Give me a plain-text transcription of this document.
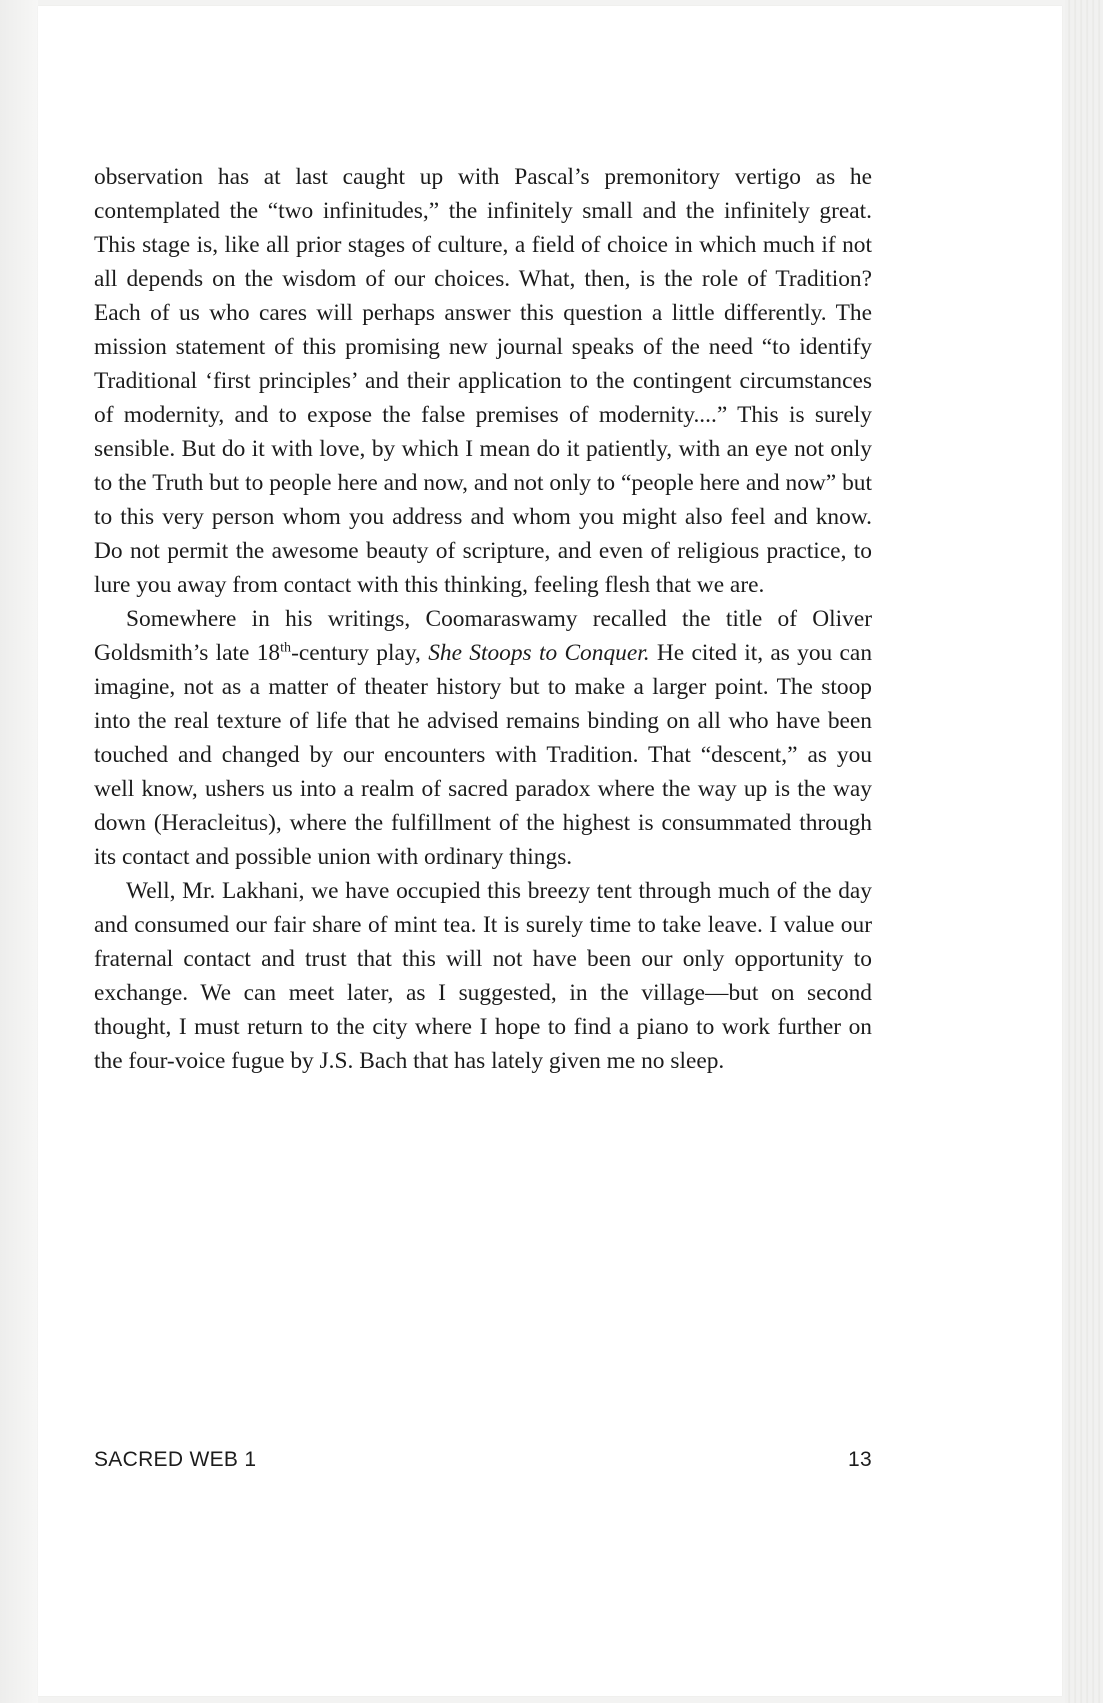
observation has at last caught up with Pascal’s premonitory vertigo as he contemplated the “two infinitudes,” the infinitely small and the infinitely great. This stage is, like all prior stages of culture, a field of choice in which much if not all depends on the wisdom of our choices. What, then, is the role of Tradition? Each of us who cares will perhaps answer this question a little differently. The mission statement of this promising new journal speaks of the need “to identify Traditional ‘first principles’ and their application to the contingent circumstances of modernity, and to expose the false premises of modernity....” This is surely sensible. But do it with love, by which I mean do it patiently, with an eye not only to the Truth but to people here and now, and not only to “people here and now” but to this very person whom you address and whom you might also feel and know. Do not permit the awesome beauty of scripture, and even of religious practice, to lure you away from contact with this thinking, feeling flesh that we are.

Somewhere in his writings, Coomaraswamy recalled the title of Oliver Goldsmith’s late 18th-century play, She Stoops to Conquer. He cited it, as you can imagine, not as a matter of theater history but to make a larger point. The stoop into the real texture of life that he advised remains binding on all who have been touched and changed by our encounters with Tradition. That “descent,” as you well know, ushers us into a realm of sacred paradox where the way up is the way down (Heracleitus), where the fulfillment of the highest is consummated through its contact and possible union with ordinary things.

Well, Mr. Lakhani, we have occupied this breezy tent through much of the day and consumed our fair share of mint tea. It is surely time to take leave. I value our fraternal contact and trust that this will not have been our only opportunity to exchange. We can meet later, as I suggested, in the village—but on second thought, I must return to the city where I hope to find a piano to work further on the four-voice fugue by J.S. Bach that has lately given me no sleep.

SACRED WEB 1	13
